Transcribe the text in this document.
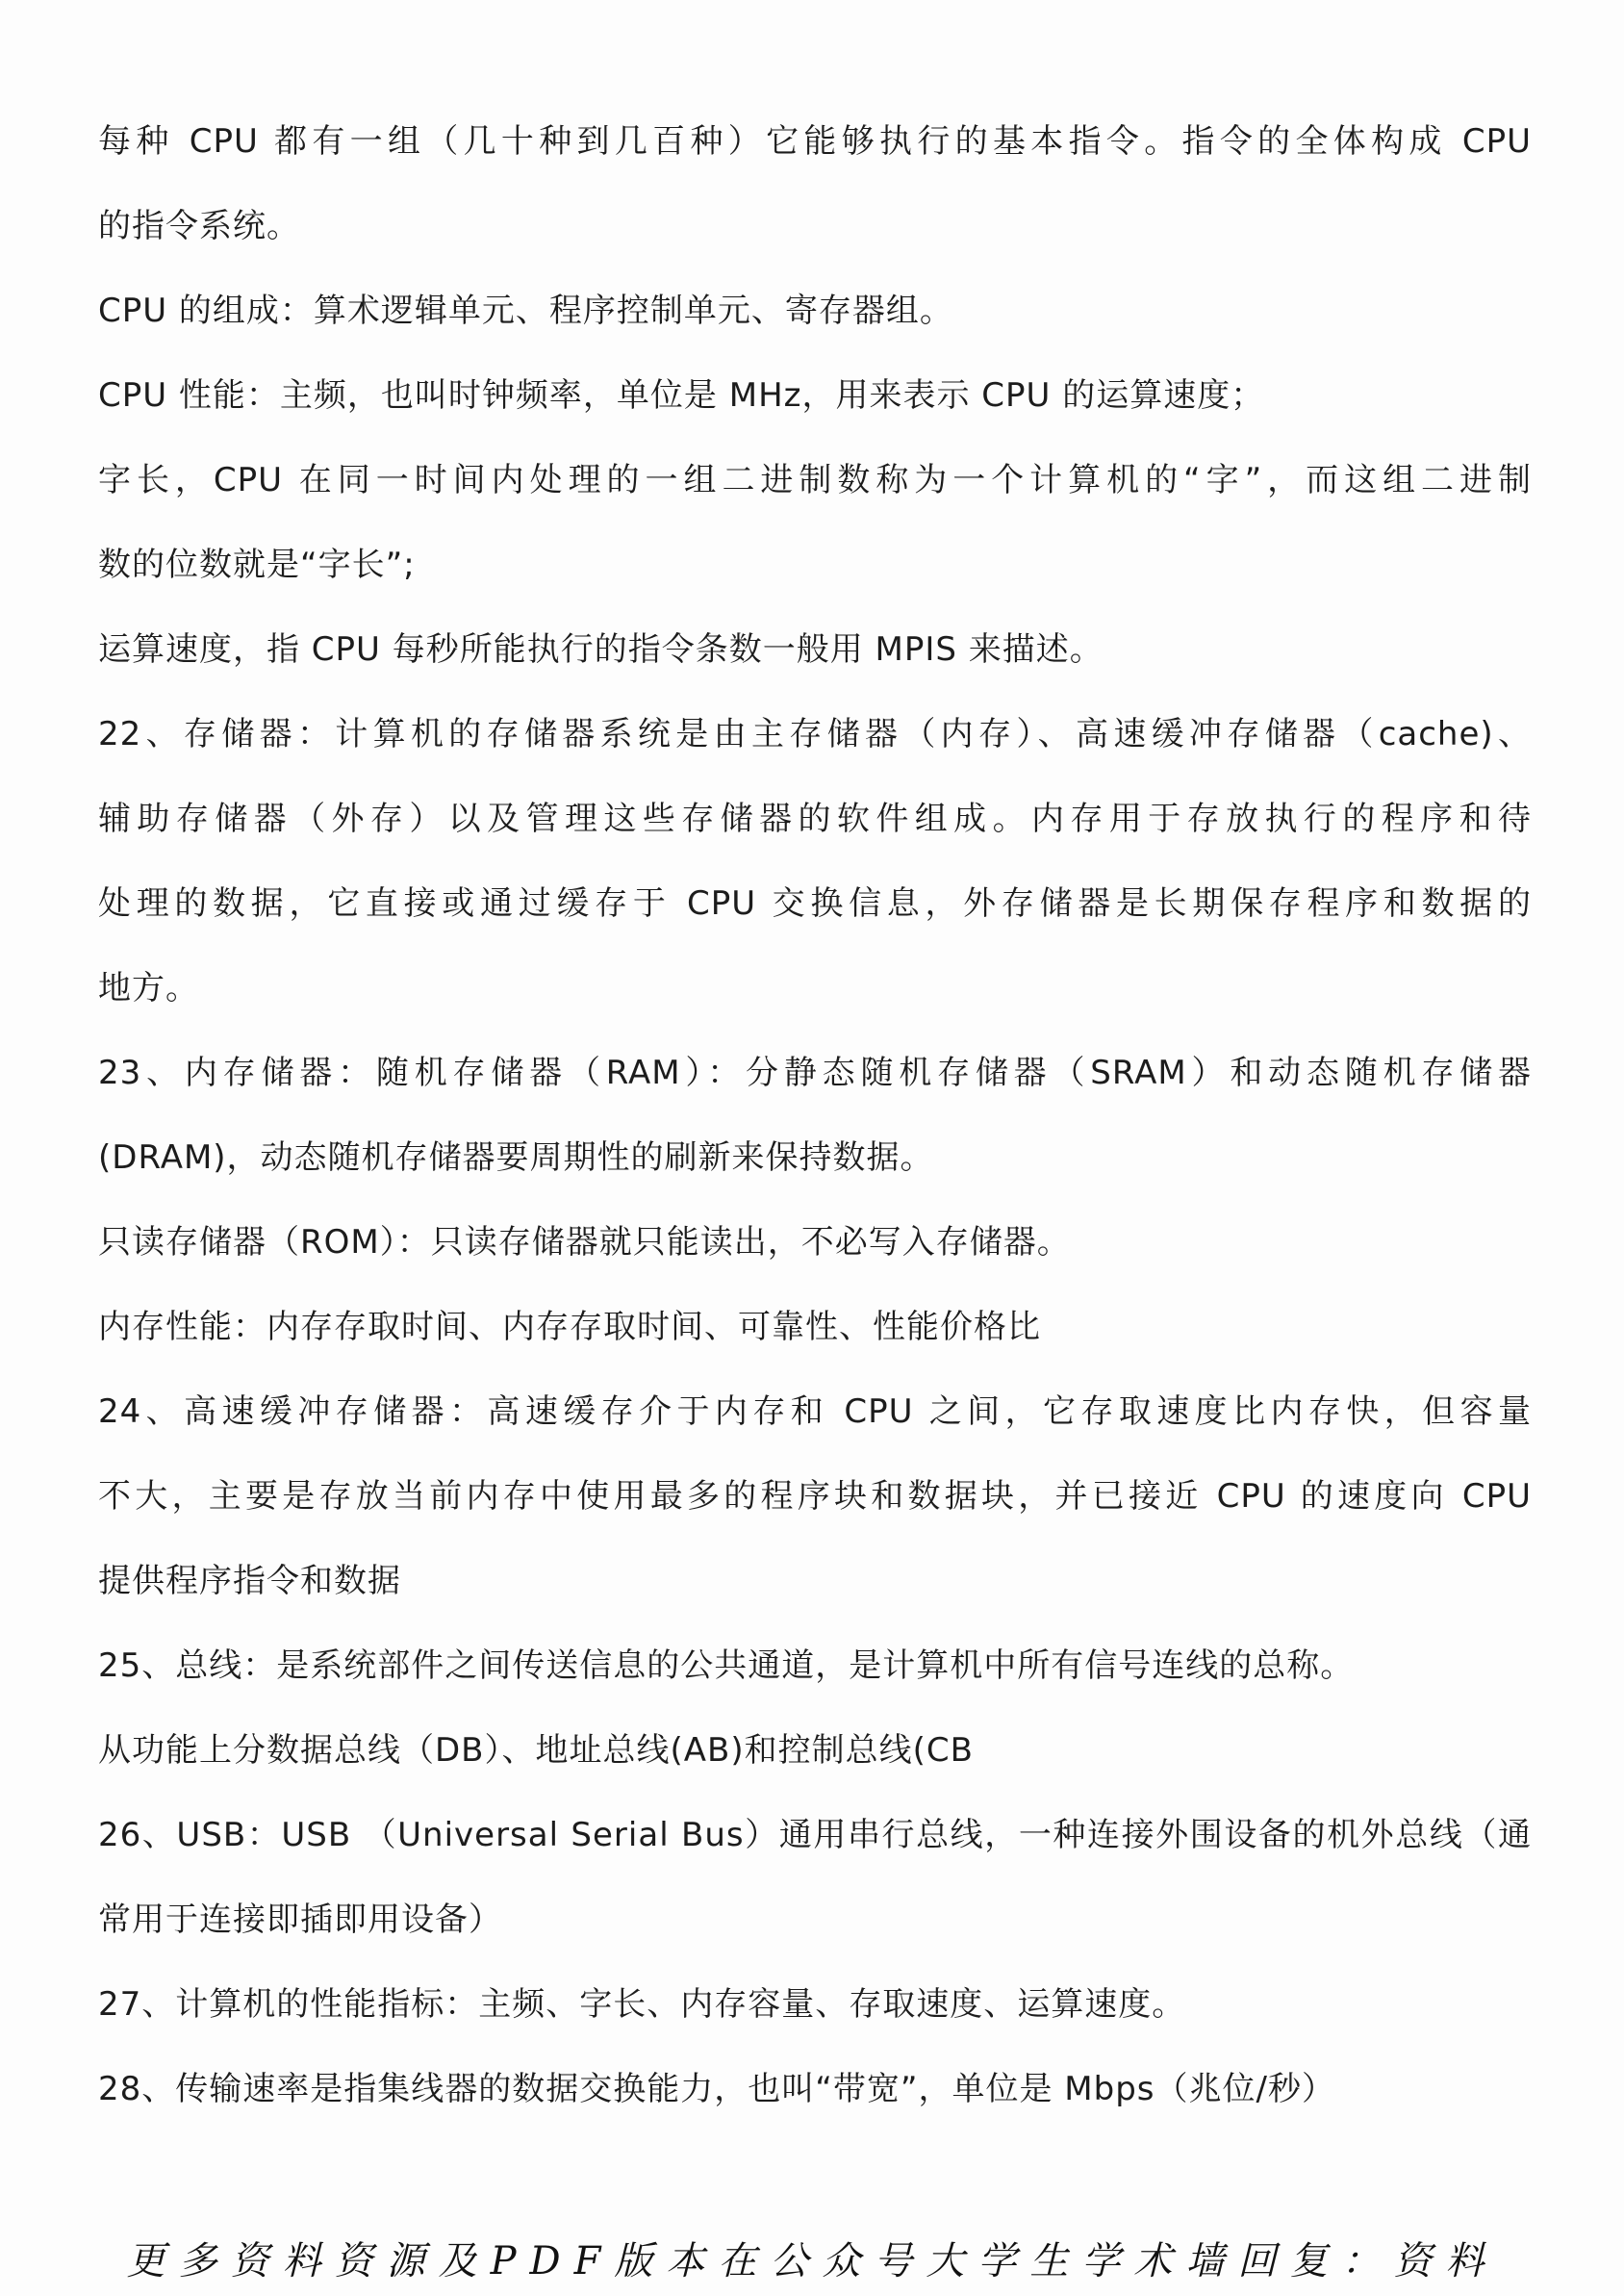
每种 CPU 都有一组（几十种到几百种）它能够执行的基本指令。指令的全体构成 CPU
的指令系统。
CPU 的组成：算术逻辑单元、程序控制单元、寄存器组。
CPU 性能：主频，也叫时钟频率，单位是 MHz，用来表示 CPU 的运算速度；
字长，CPU 在同一时间内处理的一组二进制数称为一个计算机的“字”，而这组二进制
数的位数就是“字长”;
运算速度，指 CPU 每秒所能执行的指令条数一般用 MPIS 来描述。
22、存储器：计算机的存储器系统是由主存储器（内存）、高速缓冲存储器（cache)、
辅助存储器（外存）以及管理这些存储器的软件组成。内存用于存放执行的程序和待
处理的数据，它直接或通过缓存于 CPU 交换信息，外存储器是长期保存程序和数据的
地方。
23、内存储器：随机存储器（RAM）：分静态随机存储器（SRAM）和动态随机存储器
(DRAM)，动态随机存储器要周期性的刷新来保持数据。
只读存储器（ROM）：只读存储器就只能读出，不必写入存储器。
内存性能：内存存取时间、内存存取时间、可靠性、性能价格比
24、高速缓冲存储器：高速缓存介于内存和 CPU 之间，它存取速度比内存快，但容量
不大，主要是存放当前内存中使用最多的程序块和数据块，并已接近 CPU 的速度向 CPU
提供程序指令和数据
25、总线：是系统部件之间传送信息的公共通道，是计算机中所有信号连线的总称。
从功能上分数据总线（DB）、地址总线(AB)和控制总线(CB
26、USB：USB （Universal Serial Bus）通用串行总线，一种连接外围设备的机外总线（通
常用于连接即插即用设备）
27、计算机的性能指标：主频、字长、内存容量、存取速度、运算速度。
28、传输速率是指集线器的数据交换能力，也叫“带宽”，单位是 Mbps（兆位/秒）
更多资料资源及PDF版本在公众号大学生学术墙回复：资料
